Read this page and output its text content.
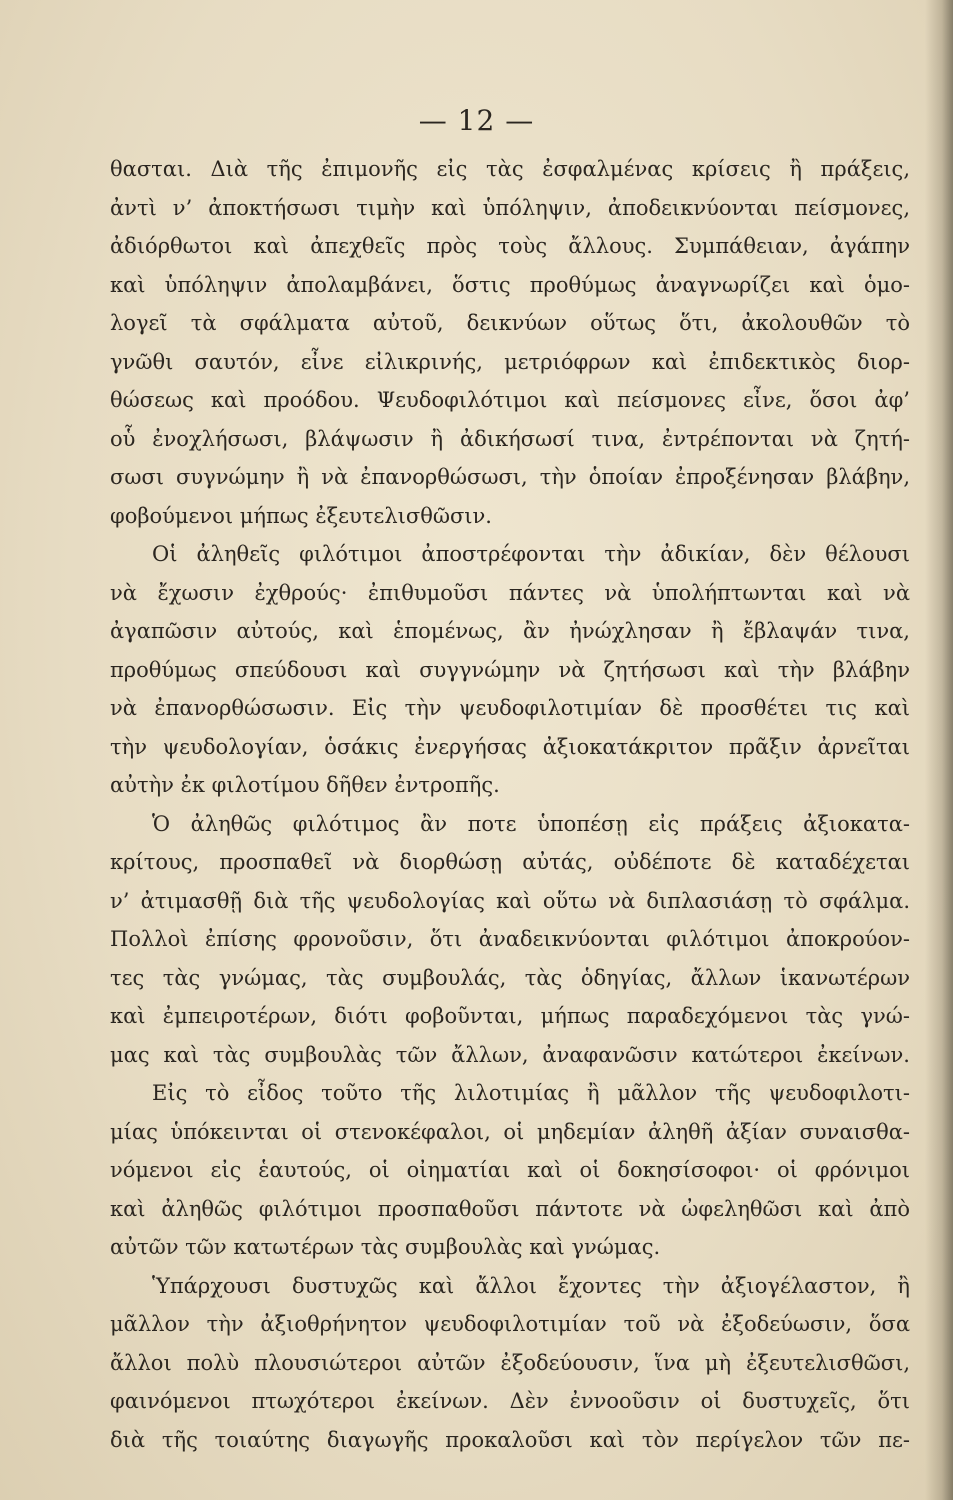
— 12 —
θασται. Διὰ τῆς ἐπιμονῆς εἰς τὰς ἐσφαλμένας κρίσεις ἢ πράξεις,
ἀντὶ ν’ ἀποκτήσωσι τιμὴν καὶ ὑπόληψιν, ἀποδεικνύονται πείσμονες,
ἀδιόρθωτοι καὶ ἀπεχθεῖς πρὸς τοὺς ἄλλους. Συμπάθειαν, ἀγάπην
καὶ ὑπόληψιν ἀπολαμβάνει, ὅστις προθύμως ἀναγνωρίζει καὶ ὁμο-
λογεῖ τὰ σφάλματα αὐτοῦ, δεικνύων οὕτως ὅτι, ἀκολουθῶν τὸ
γνῶθι σαυτόν, εἶνε εἰλικρινής, μετριόφρων καὶ ἐπιδεκτικὸς διορ-
θώσεως καὶ προόδου. Ψευδοφιλότιμοι καὶ πείσμονες εἶνε, ὅσοι ἀφ’
οὗ ἐνοχλήσωσι, βλάψωσιν ἢ ἀδικήσωσί τινα, ἐντρέπονται νὰ ζητή-
σωσι συγνώμην ἢ νὰ ἐπανορθώσωσι, τὴν ὁποίαν ἐπροξένησαν βλάβην,
φοβούμενοι μήπως ἐξευτελισθῶσιν.
Οἱ ἀληθεῖς φιλότιμοι ἀποστρέφονται τὴν ἀδικίαν, δὲν θέλουσι
νὰ ἔχωσιν ἐχθρούς· ἐπιθυμοῦσι πάντες νὰ ὑπολήπτωνται καὶ νὰ
ἀγαπῶσιν αὐτούς, καὶ ἑπομένως, ἂν ἠνώχλησαν ἢ ἔβλαψάν τινα,
προθύμως σπεύδουσι καὶ συγγνώμην νὰ ζητήσωσι καὶ τὴν βλάβην
νὰ ἐπανορθώσωσιν. Εἰς τὴν ψευδοφιλοτιμίαν δὲ προσθέτει τις καὶ
τὴν ψευδολογίαν, ὁσάκις ἐνεργήσας ἀξιοκατάκριτον πρᾶξιν ἀρνεῖται
αὐτὴν ἐκ φιλοτίμου δῆθεν ἐντροπῆς.
Ὁ ἀληθῶς φιλότιμος ἂν ποτε ὑποπέσῃ εἰς πράξεις ἀξιοκατα-
κρίτους, προσπαθεῖ νὰ διορθώσῃ αὐτάς, οὐδέποτε δὲ καταδέχεται
ν’ ἀτιμασθῇ διὰ τῆς ψευδολογίας καὶ οὕτω νὰ διπλασιάσῃ τὸ σφάλμα.
Πολλοὶ ἐπίσης φρονοῦσιν, ὅτι ἀναδεικνύονται φιλότιμοι ἀποκρούον-
τες τὰς γνώμας, τὰς συμβουλάς, τὰς ὁδηγίας, ἄλλων ἱκανωτέρων
καὶ ἐμπειροτέρων, διότι φοβοῦνται, μήπως παραδεχόμενοι τὰς γνώ-
μας καὶ τὰς συμβουλὰς τῶν ἄλλων, ἀναφανῶσιν κατώτεροι ἐκείνων.
Εἰς τὸ εἶδος τοῦτο τῆς λιλοτιμίας ἢ μᾶλλον τῆς ψευδοφιλοτι-
μίας ὑπόκεινται οἱ στενοκέφαλοι, οἱ μηδεμίαν ἀληθῆ ἀξίαν συναισθα-
νόμενοι εἰς ἑαυτούς, οἱ οἰηματίαι καὶ οἱ δοκησίσοφοι· οἱ φρόνιμοι
καὶ ἀληθῶς φιλότιμοι προσπαθοῦσι πάντοτε νὰ ὠφεληθῶσι καὶ ἀπὸ
αὐτῶν τῶν κατωτέρων τὰς συμβουλὰς καὶ γνώμας.
Ὑπάρχουσι δυστυχῶς καὶ ἄλλοι ἔχοντες τὴν ἀξιογέλαστον, ἢ
μᾶλλον τὴν ἀξιοθρήνητον ψευδοφιλοτιμίαν τοῦ νὰ ἐξοδεύωσιν, ὅσα
ἄλλοι πολὺ πλουσιώτεροι αὐτῶν ἐξοδεύουσιν, ἵνα μὴ ἐξευτελισθῶσι,
φαινόμενοι πτωχότεροι ἐκείνων. Δὲν ἐννοοῦσιν οἱ δυστυχεῖς, ὅτι
διὰ τῆς τοιαύτης διαγωγῆς προκαλοῦσι καὶ τὸν περίγελον τῶν πε-
